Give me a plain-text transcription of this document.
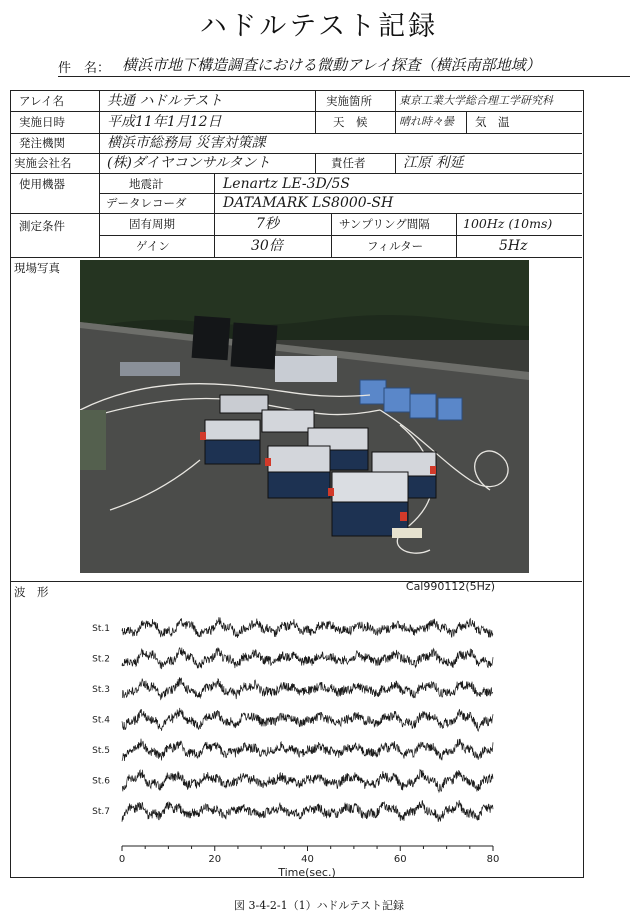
ハドルテスト記録
件　名： 横浜市地下構造調査における微動アレイ探査（横浜南部地域）
アレイ名	共通 ハドルテスト	実施箇所 東京工業大学総合理工学研究科
実施日時	平成11年1月12日	天　候	晴れ時々曇 気　温
発注機関	横浜市総務局 災害対策課
実施会社名	(株)ダイヤコンサルタント	責任者	江原 利延
使用機器	地震計	Lenartz LE-3D/5S
データレコーダ	DATAMARK LS8000-SH
測定条件	固有周期	7秒	サンプリング間隔	100Hz (10ms)
ゲイン	30倍	フィルター	5Hz
現場写真
波　形	Cal990112(5Hz)
St.1
St.2
St.3
St.4
St.5
St.6
St.7
0	20	40	60	80
Time(sec.)
図 3-4-2-1（1）ハドルテスト記録
